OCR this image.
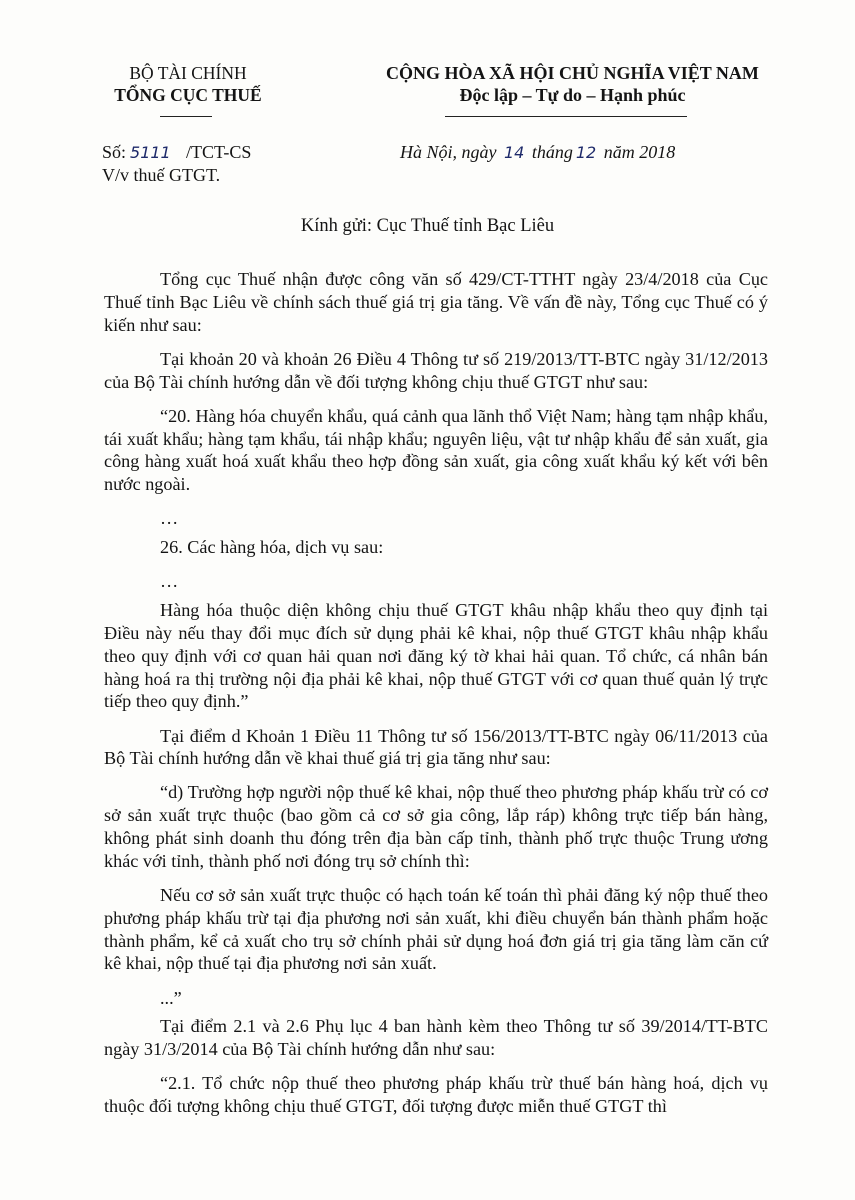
BỘ TÀI CHÍNH
TỔNG CỤC THUẾ
CỘNG HÒA XÃ HỘI CHỦ NGHĨA VIỆT NAM
Độc lập – Tự do – Hạnh phúc
Số: 5111 /TCT-CS
V/v thuế GTGT.
Hà Nội, ngày 14 tháng 12 năm 2018
Kính gửi: Cục Thuế tỉnh Bạc Liêu

Tổng cục Thuế nhận được công văn số 429/CT-TTHT ngày 23/4/2018 của Cục Thuế tỉnh Bạc Liêu về chính sách thuế giá trị gia tăng. Về vấn đề này, Tổng cục Thuế có ý kiến như sau:

Tại khoản 20 và khoản 26 Điều 4 Thông tư số 219/2013/TT-BTC ngày 31/12/2013 của Bộ Tài chính hướng dẫn về đối tượng không chịu thuế GTGT như sau:

“20. Hàng hóa chuyển khẩu, quá cảnh qua lãnh thổ Việt Nam; hàng tạm nhập khẩu, tái xuất khẩu; hàng tạm khẩu, tái nhập khẩu; nguyên liệu, vật tư nhập khẩu để sản xuất, gia công hàng xuất hoá xuất khẩu theo hợp đồng sản xuất, gia công xuất khẩu ký kết với bên nước ngoài.

…

26. Các hàng hóa, dịch vụ sau:

…

Hàng hóa thuộc diện không chịu thuế GTGT khâu nhập khẩu theo quy định tại Điều này nếu thay đổi mục đích sử dụng phải kê khai, nộp thuế GTGT khâu nhập khẩu theo quy định với cơ quan hải quan nơi đăng ký tờ khai hải quan. Tổ chức, cá nhân bán hàng hoá ra thị trường nội địa phải kê khai, nộp thuế GTGT với cơ quan thuế quản lý trực tiếp theo quy định.”

Tại điểm d Khoản 1 Điều 11 Thông tư số 156/2013/TT-BTC ngày 06/11/2013 của Bộ Tài chính hướng dẫn về khai thuế giá trị gia tăng như sau:

“d) Trường hợp người nộp thuế kê khai, nộp thuế theo phương pháp khấu trừ có cơ sở sản xuất trực thuộc (bao gồm cả cơ sở gia công, lắp ráp) không trực tiếp bán hàng, không phát sinh doanh thu đóng trên địa bàn cấp tỉnh, thành phố trực thuộc Trung ương khác với tỉnh, thành phố nơi đóng trụ sở chính thì:

Nếu cơ sở sản xuất trực thuộc có hạch toán kế toán thì phải đăng ký nộp thuế theo phương pháp khấu trừ tại địa phương nơi sản xuất, khi điều chuyển bán thành phẩm hoặc thành phẩm, kể cả xuất cho trụ sở chính phải sử dụng hoá đơn giá trị gia tăng làm căn cứ kê khai, nộp thuế tại địa phương nơi sản xuất.

...”

Tại điểm 2.1 và 2.6 Phụ lục 4 ban hành kèm theo Thông tư số 39/2014/TT-BTC ngày 31/3/2014 của Bộ Tài chính hướng dẫn như sau:

“2.1. Tổ chức nộp thuế theo phương pháp khấu trừ thuế bán hàng hoá, dịch vụ thuộc đối tượng không chịu thuế GTGT, đối tượng được miễn thuế GTGT thì
